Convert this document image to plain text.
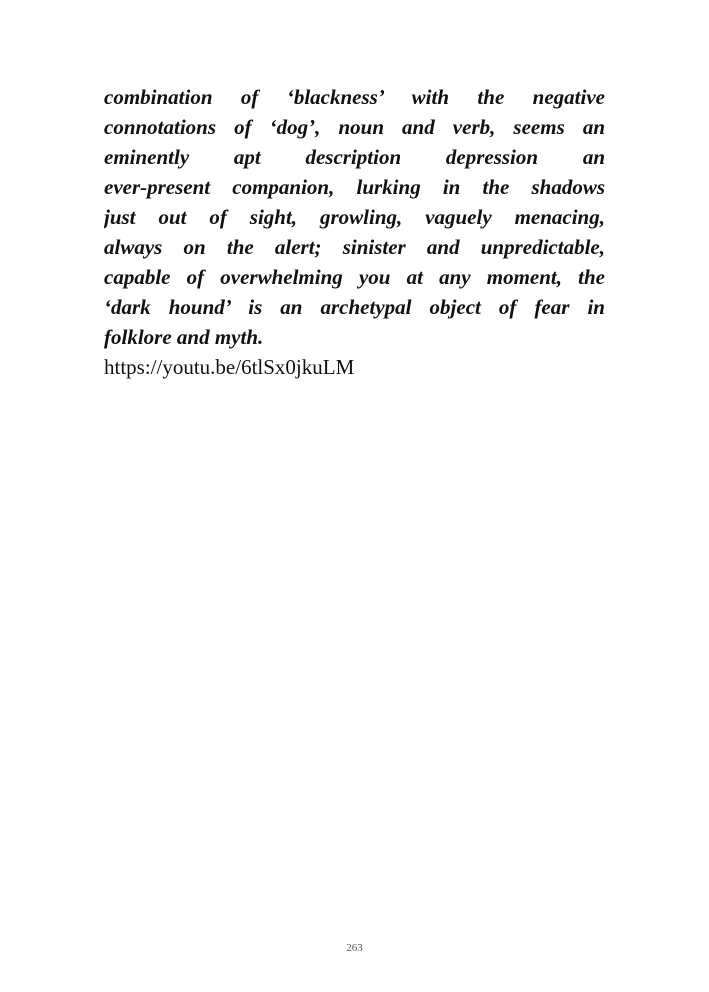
combination of ‘blackness’ with the negative
connotations of ‘dog’, noun and verb, seems an
eminently apt description depression an
ever-present companion, lurking in the shadows
just out of sight, growling, vaguely menacing,
always on the alert; sinister and unpredictable,
capable of overwhelming you at any moment, the
‘dark hound’ is an archetypal object of fear in
folklore and myth.
https://youtu.be/6tlSx0jkuLM
263
